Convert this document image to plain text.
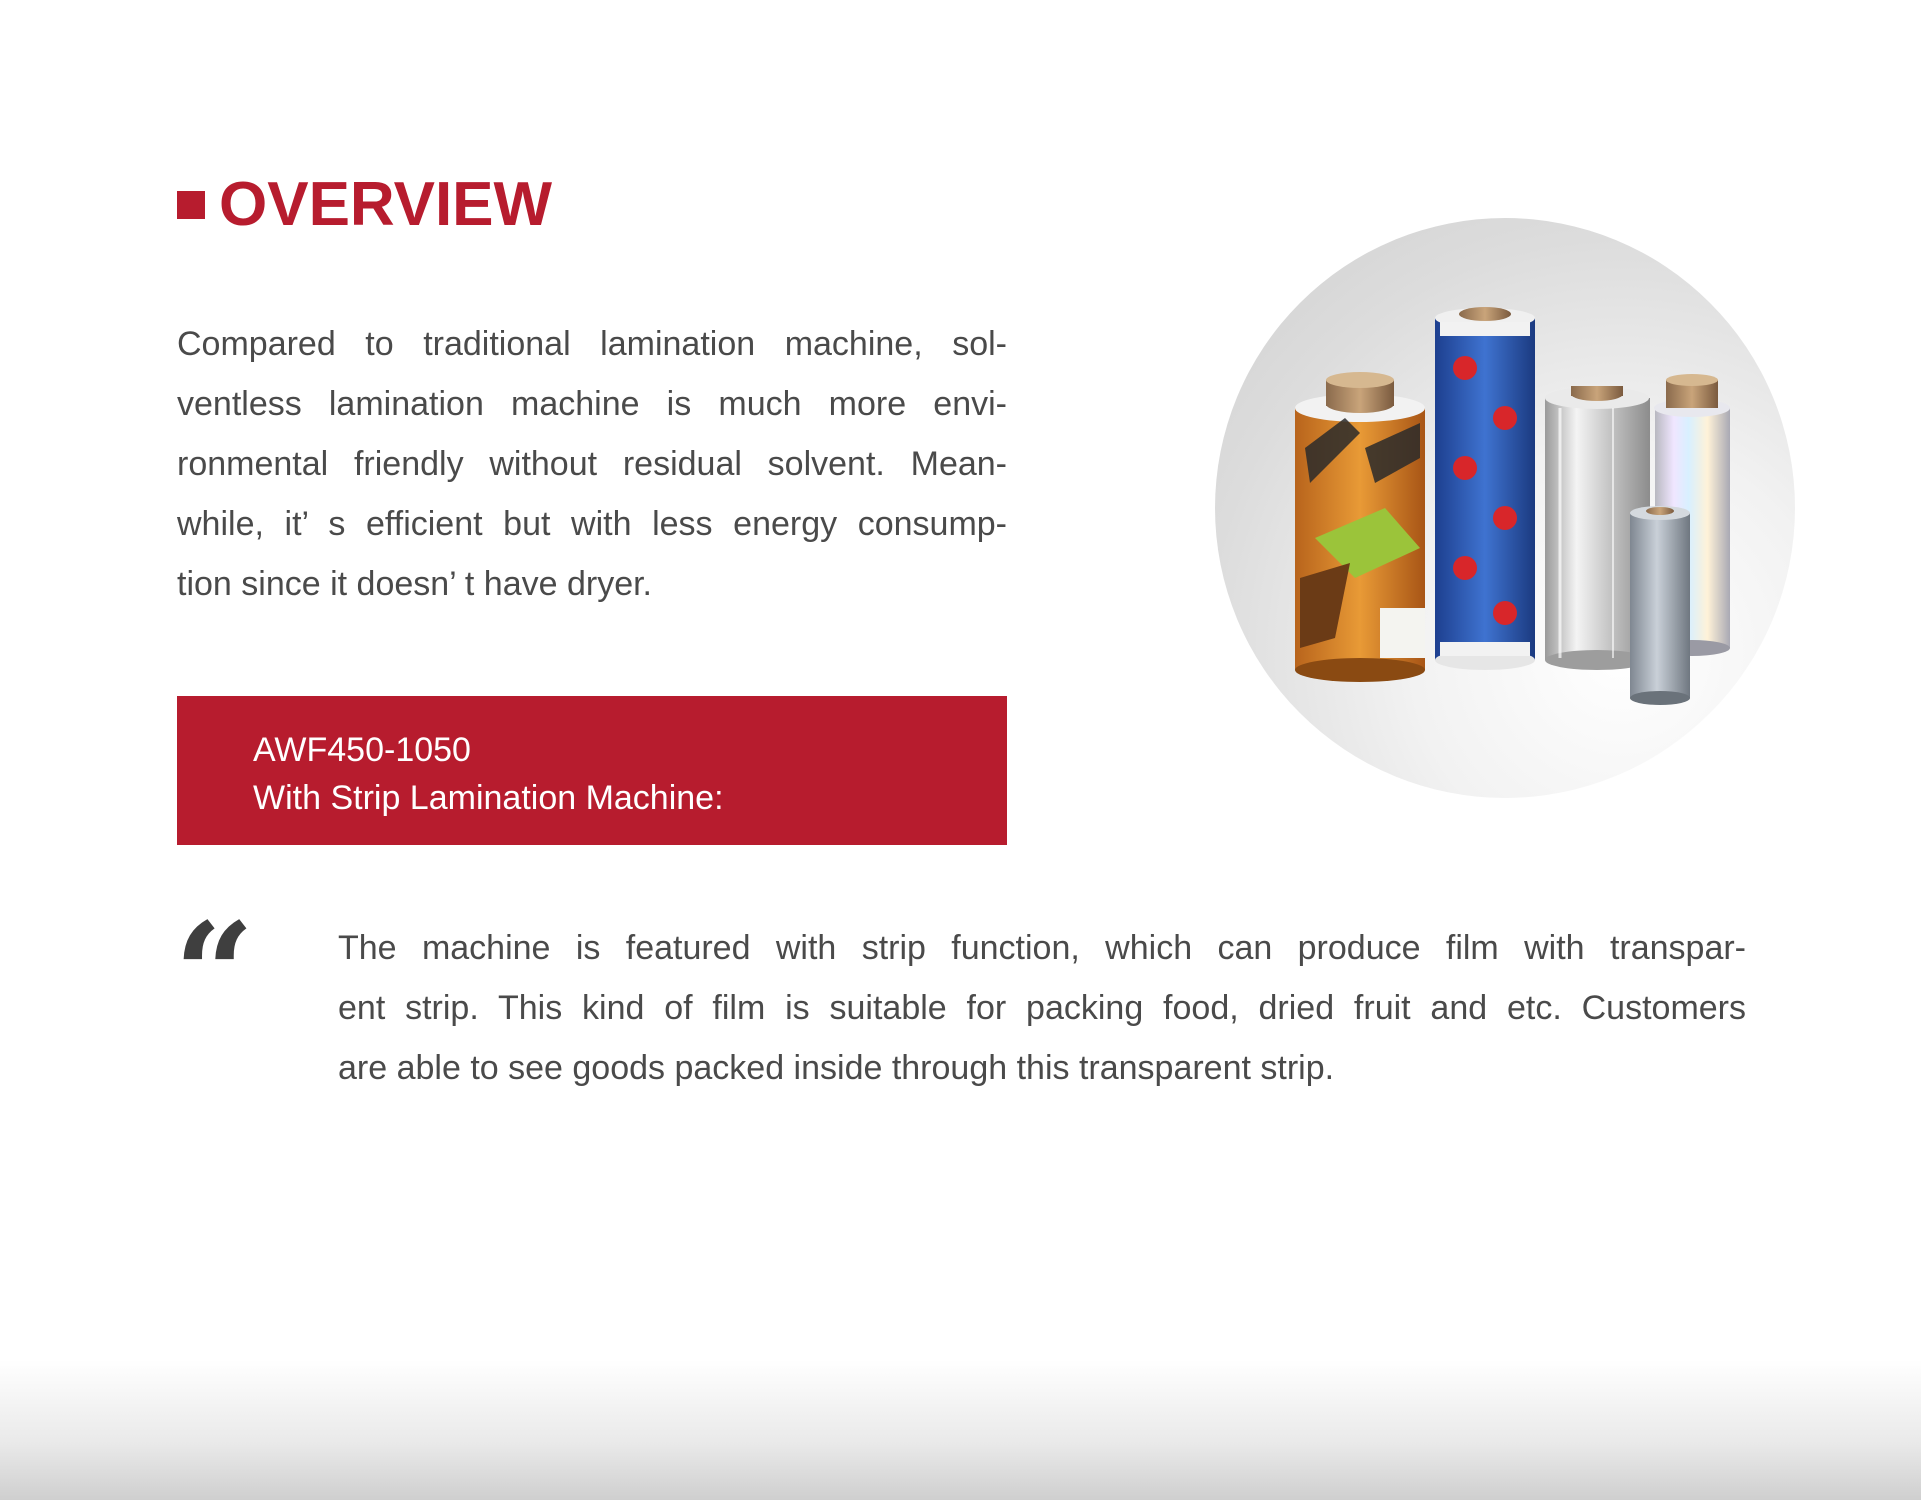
OVERVIEW
Compared to traditional lamination machine, sol-
ventless lamination machine is much more envi-
ronmental friendly without residual solvent. Mean-
while, it’ s efficient but with less energy consump-
tion since it doesn’ t have dryer.
AWF450-1050
With Strip Lamination Machine:
“ The machine is featured with strip function, which can produce film with transpar-
ent strip. This kind of film is suitable for packing food, dried fruit and etc. Customers
are able to see goods packed inside through this transparent strip.
